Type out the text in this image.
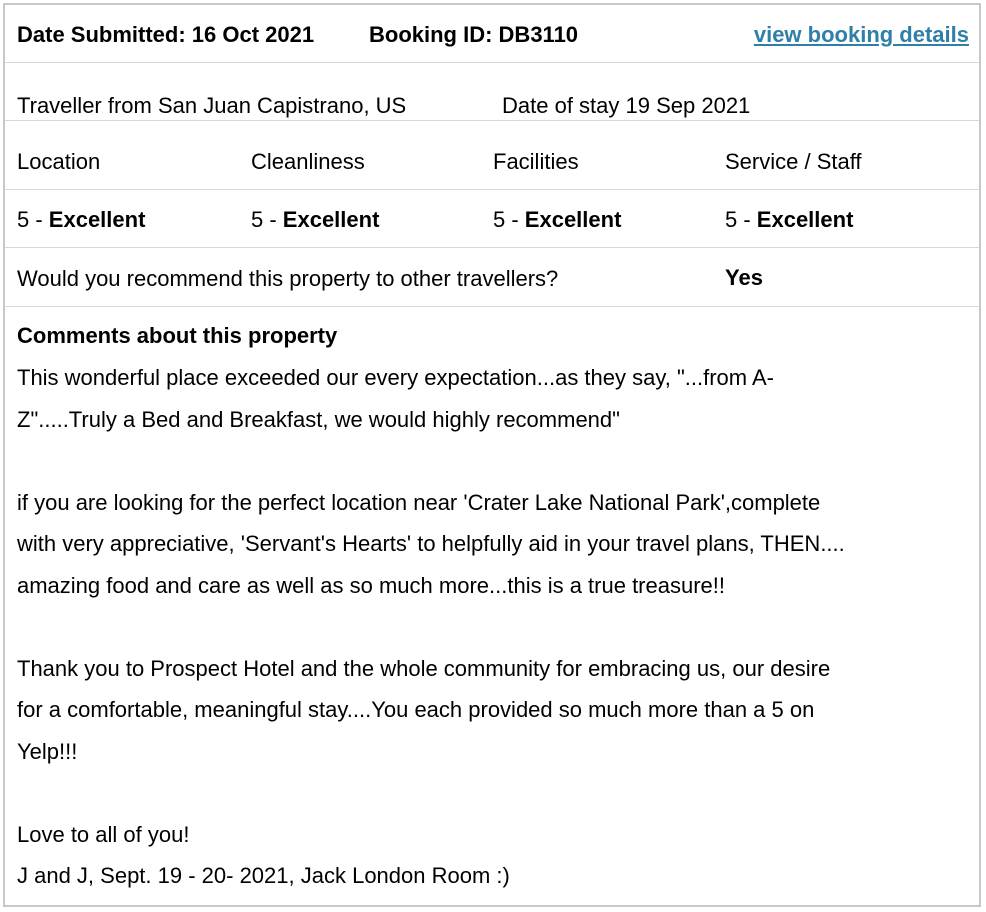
Date Submitted: 16 Oct 2021 Booking ID: DB3110	view booking details
Traveller from San Juan Capistrano, US	Date of stay 19 Sep 2021
Location	Cleanliness	Facilities	Service / Staff
5 - Excellent	5 - Excellent	5 - Excellent	5 - Excellent
Would you recommend this property to other travellers?	Yes
Comments about this property

This wonderful place exceeded our every expectation...as they say, "...from A-
Z".....Truly a Bed and Breakfast, we would highly recommend"

if you are looking for the perfect location near 'Crater Lake National Park',complete
with very appreciative, 'Servant's Hearts' to helpfully aid in your travel plans, THEN....
amazing food and care as well as so much more...this is a true treasure!!

Thank you to Prospect Hotel and the whole community for embracing us, our desire
for a comfortable, meaningful stay....You each provided so much more than a 5 on
Yelp!!!

Love to all of you!
J and J, Sept. 19 - 20- 2021, Jack London Room :)
